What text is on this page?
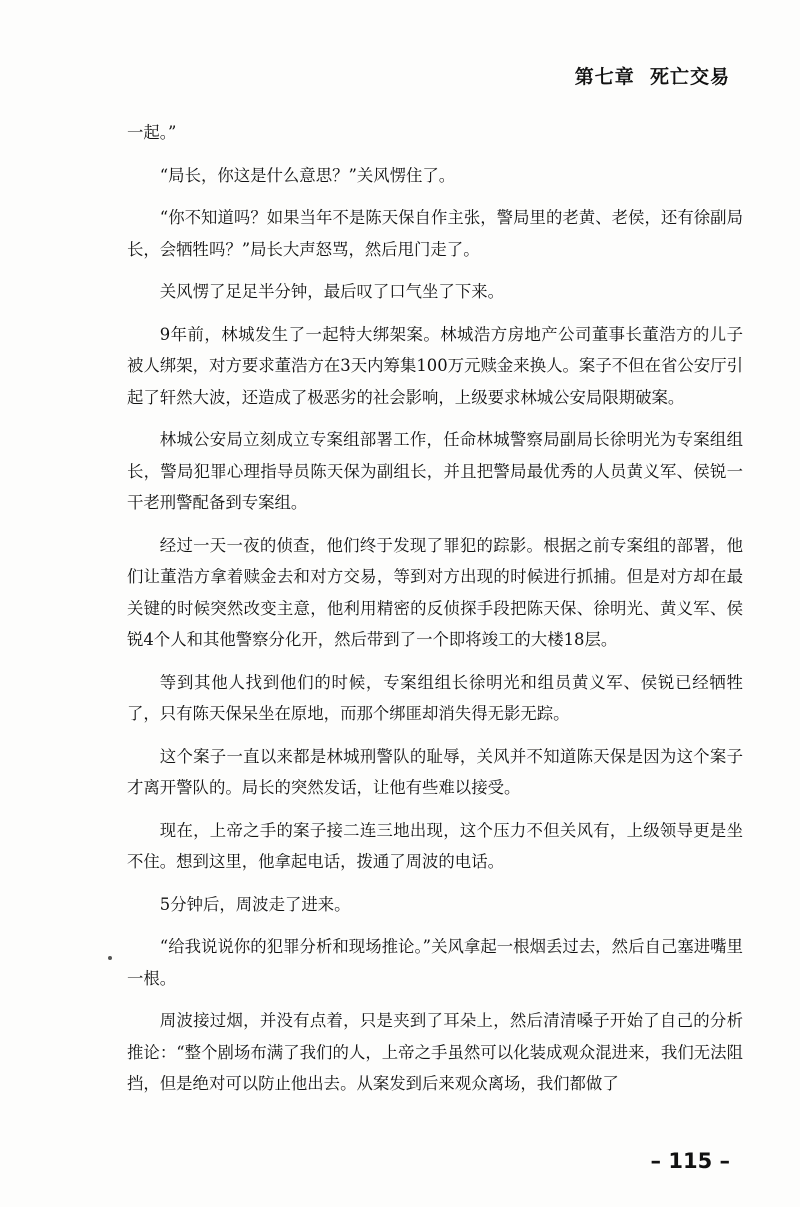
第七章  死亡交易

一起。”

“局长，你这是什么意思？”关风愣住了。

“你不知道吗？如果当年不是陈天保自作主张，警局里的老黄、老侯，还有徐副局长，会牺牲吗？”局长大声怒骂，然后甩门走了。

关风愣了足足半分钟，最后叹了口气坐了下来。

9年前，林城发生了一起特大绑架案。林城浩方房地产公司董事长董浩方的儿子被人绑架，对方要求董浩方在3天内筹集100万元赎金来换人。案子不但在省公安厅引起了轩然大波，还造成了极恶劣的社会影响，上级要求林城公安局限期破案。

林城公安局立刻成立专案组部署工作，任命林城警察局副局长徐明光为专案组组长，警局犯罪心理指导员陈天保为副组长，并且把警局最优秀的人员黄义军、侯锐一干老刑警配备到专案组。

经过一天一夜的侦查，他们终于发现了罪犯的踪影。根据之前专案组的部署，他们让董浩方拿着赎金去和对方交易，等到对方出现的时候进行抓捕。但是对方却在最关键的时候突然改变主意，他利用精密的反侦探手段把陈天保、徐明光、黄义军、侯锐4个人和其他警察分化开，然后带到了一个即将竣工的大楼18层。

等到其他人找到他们的时候，专案组组长徐明光和组员黄义军、侯锐已经牺牲了，只有陈天保呆坐在原地，而那个绑匪却消失得无影无踪。

这个案子一直以来都是林城刑警队的耻辱，关风并不知道陈天保是因为这个案子才离开警队的。局长的突然发话，让他有些难以接受。

现在，上帝之手的案子接二连三地出现，这个压力不但关风有，上级领导更是坐不住。想到这里，他拿起电话，拨通了周波的电话。

5分钟后，周波走了进来。

“给我说说你的犯罪分析和现场推论。”关风拿起一根烟丢过去，然后自己塞进嘴里一根。

周波接过烟，并没有点着，只是夹到了耳朵上，然后清清嗓子开始了自己的分析推论：“整个剧场布满了我们的人，上帝之手虽然可以化装成观众混进来，我们无法阻挡，但是绝对可以防止他出去。从案发到后来观众离场，我们都做了

– 115 –
